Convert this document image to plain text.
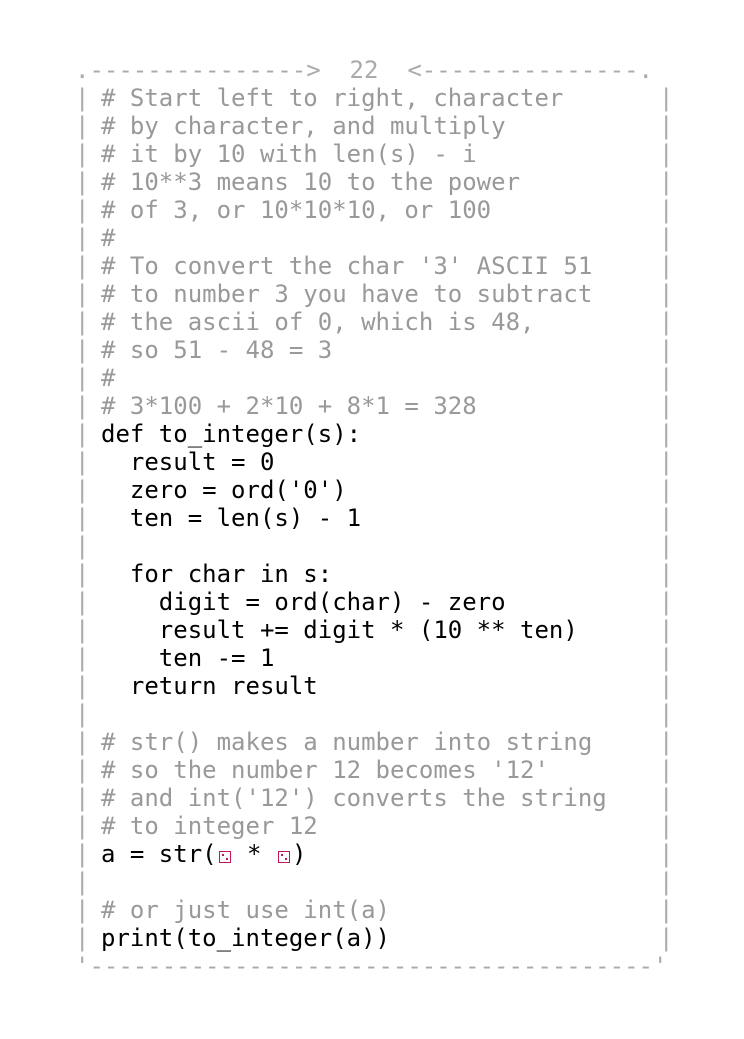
.--------------->  22  <---------------.
| # Start left to right, character	|
| # by character, and multiply	|
| # it by 10 with len(s) - i	|
| # 10**3 means 10 to the power	|
| # of 3, or 10*10*10, or 100	|
| #	|
| # To convert the char '3' ASCII 51	|
| # to number 3 you have to subtract	|
| # the ascii of 0, which is 48,	|
| # so 51 - 48 = 3	|
| #	|
| # 3*100 + 2*10 + 8*1 = 328	|
| def to_integer(s):	|
| result = 0	|
| zero = ord('0')	|
| ten = len(s) - 1	|
|	|
| for char in s:	|
| digit = ord(char) - zero	|
| result += digit * (10 ** ten)	|
| ten -= 1	|
| return result	|
|	|
| # str() makes a number into string	|
| # so the number 12 becomes '12'	|
| # and int('12') converts the string |
| # to integer 12	|
| a = str( * )	|
|	|
| # or just use int(a)	|
| print(to_integer(a))	|
'---------------------------------------'
